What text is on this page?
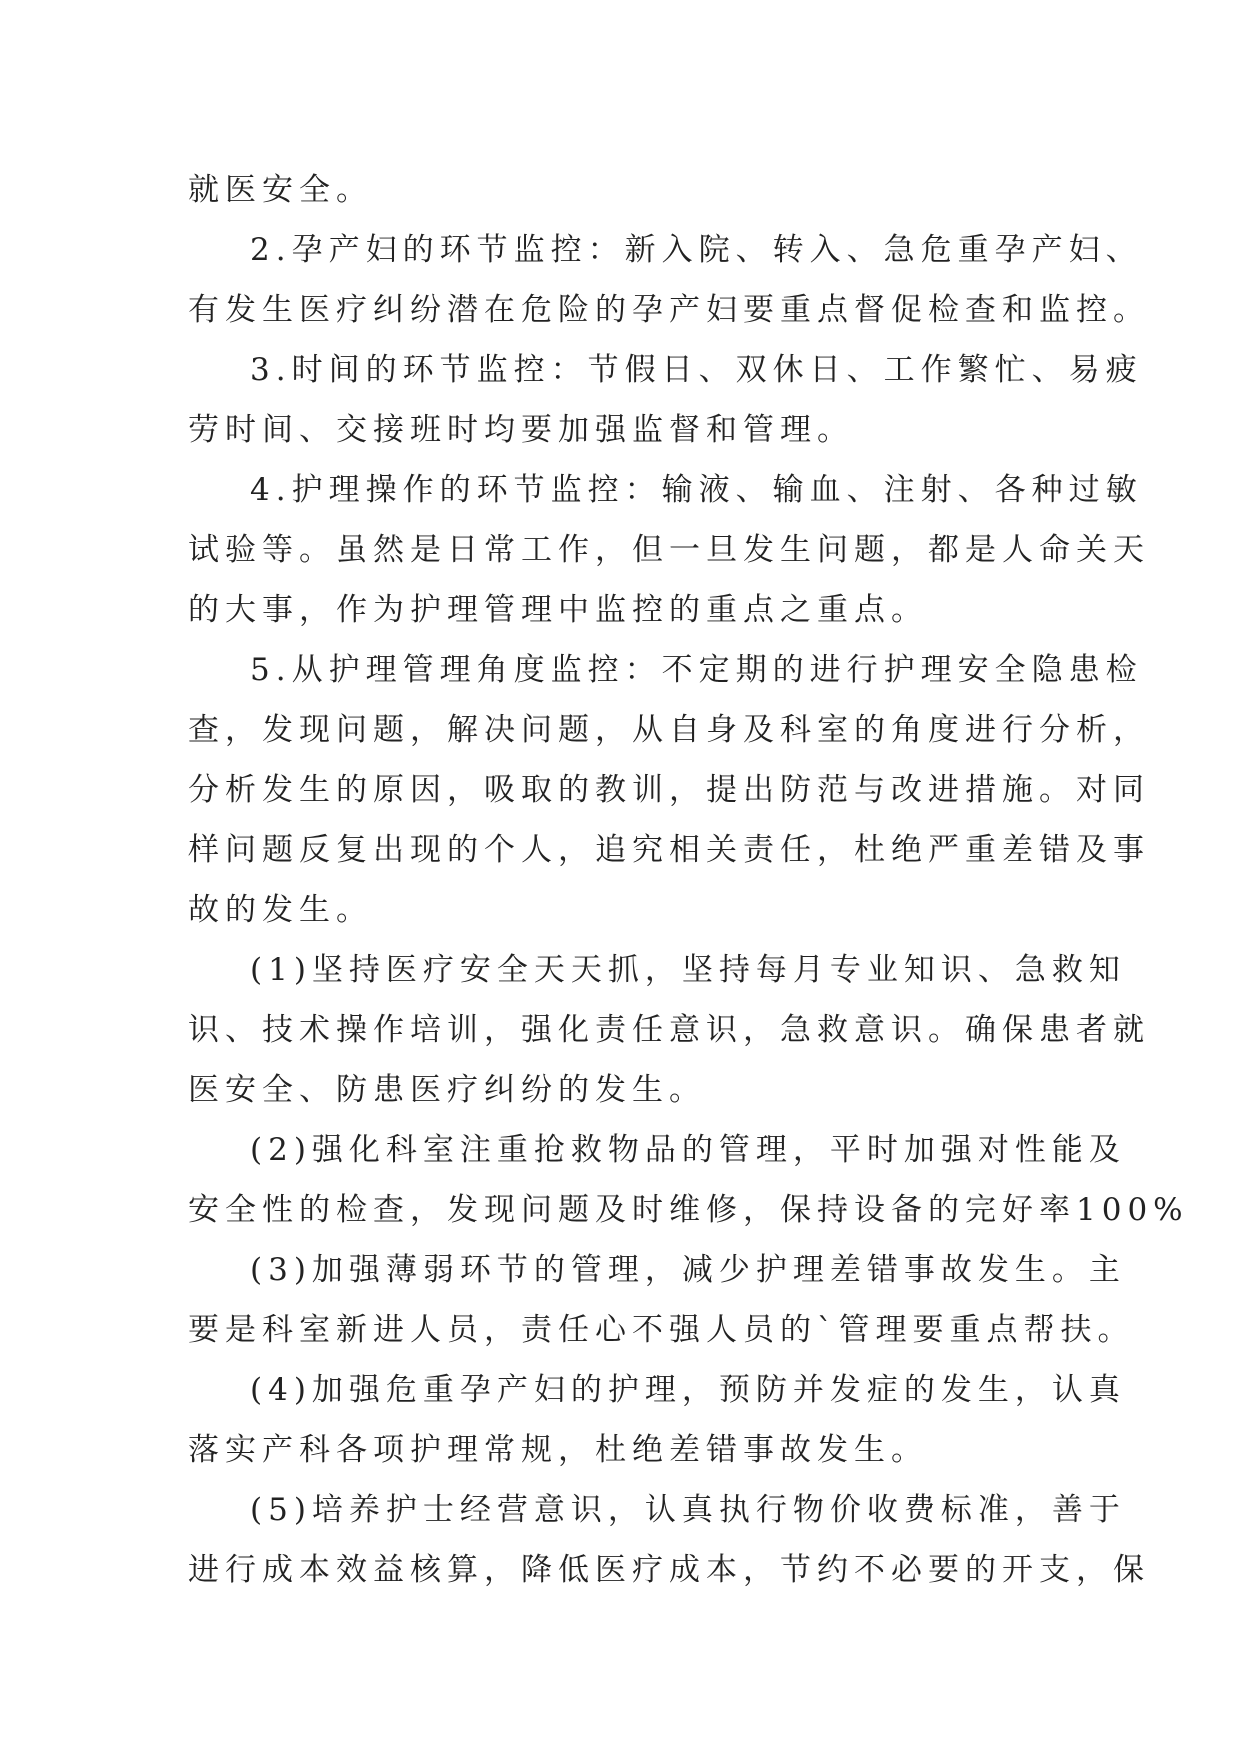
就医安全。
2.孕产妇的环节监控：新入院、转入、急危重孕产妇、
有发生医疗纠纷潜在危险的孕产妇要重点督促检查和监控。
3.时间的环节监控：节假日、双休日、工作繁忙、易疲
劳时间、交接班时均要加强监督和管理。
4.护理操作的环节监控：输液、输血、注射、各种过敏
试验等。虽然是日常工作，但一旦发生问题，都是人命关天
的大事，作为护理管理中监控的重点之重点。
5.从护理管理角度监控：不定期的进行护理安全隐患检
查，发现问题，解决问题，从自身及科室的角度进行分析，
分析发生的原因，吸取的教训，提出防范与改进措施。对同
样问题反复出现的个人，追究相关责任，杜绝严重差错及事
故的发生。
(1)坚持医疗安全天天抓，坚持每月专业知识、急救知
识、技术操作培训，强化责任意识，急救意识。确保患者就
医安全、防患医疗纠纷的发生。
(2)强化科室注重抢救物品的管理，平时加强对性能及
安全性的检查，发现问题及时维修，保持设备的完好率100%
(3)加强薄弱环节的管理，减少护理差错事故发生。主
要是科室新进人员，责任心不强人员的`管理要重点帮扶。
(4)加强危重孕产妇的护理，预防并发症的发生，认真
落实产科各项护理常规，杜绝差错事故发生。
(5)培养护士经营意识，认真执行物价收费标准，善于
进行成本效益核算，降低医疗成本，节约不必要的开支，保
